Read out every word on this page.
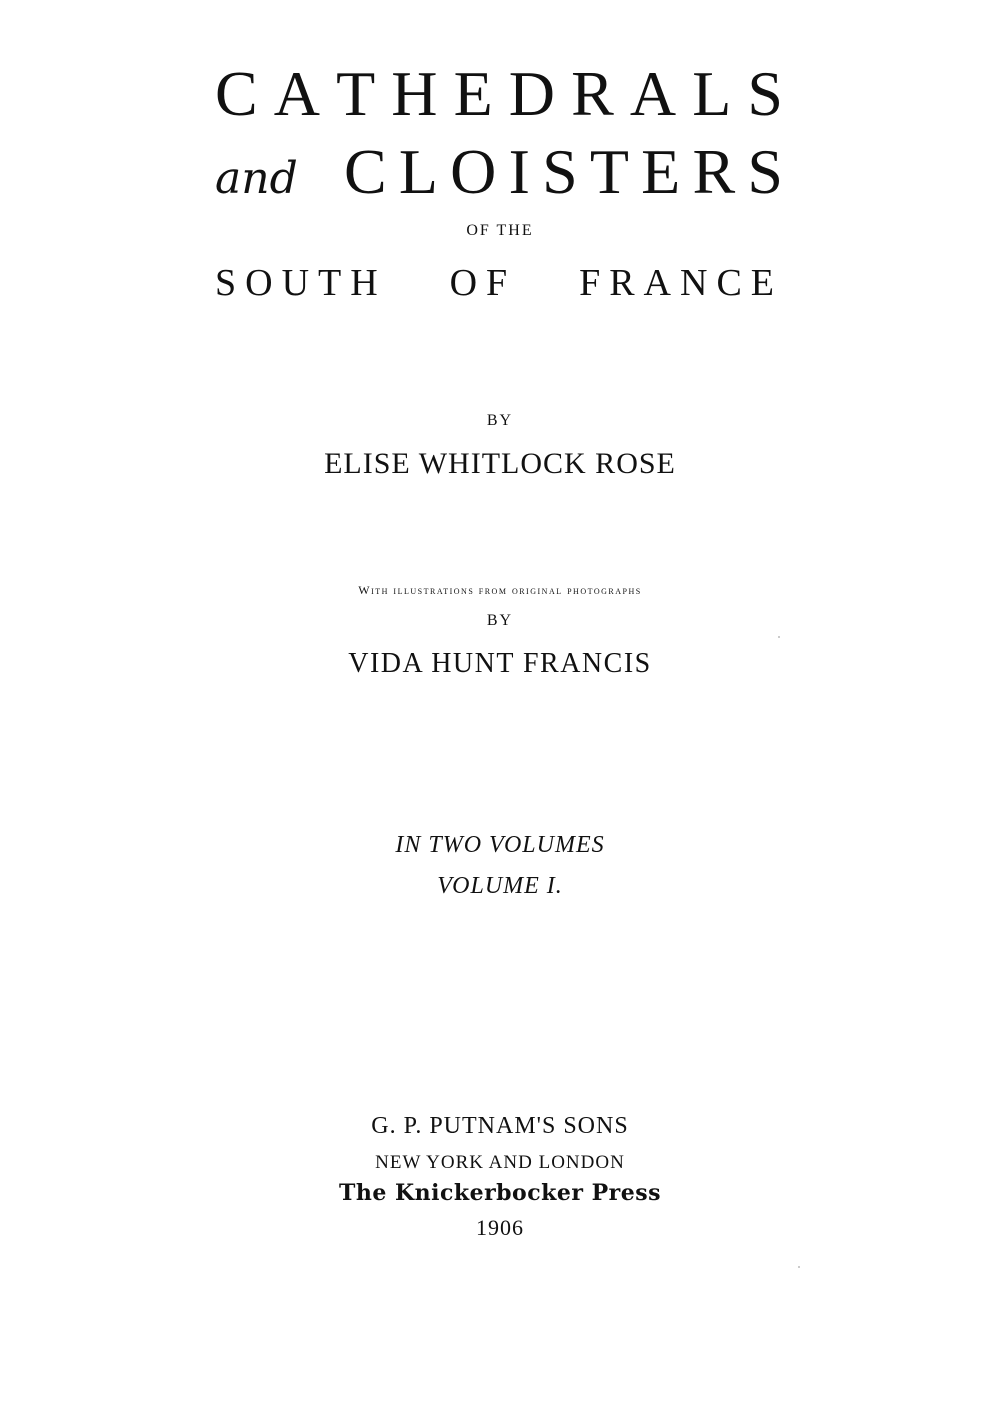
C A T H E D R A L S
and C L O I S T E R S
OF THE
SOUTH OF FRANCE
BY
ELISE WHITLOCK ROSE
With illustrations from original photographs
BY
VIDA HUNT FRANCIS
IN TWO VOLUMES
VOLUME I.
G. P. PUTNAM'S SONS
NEW YORK AND LONDON
The Knickerbocker Press
1906
